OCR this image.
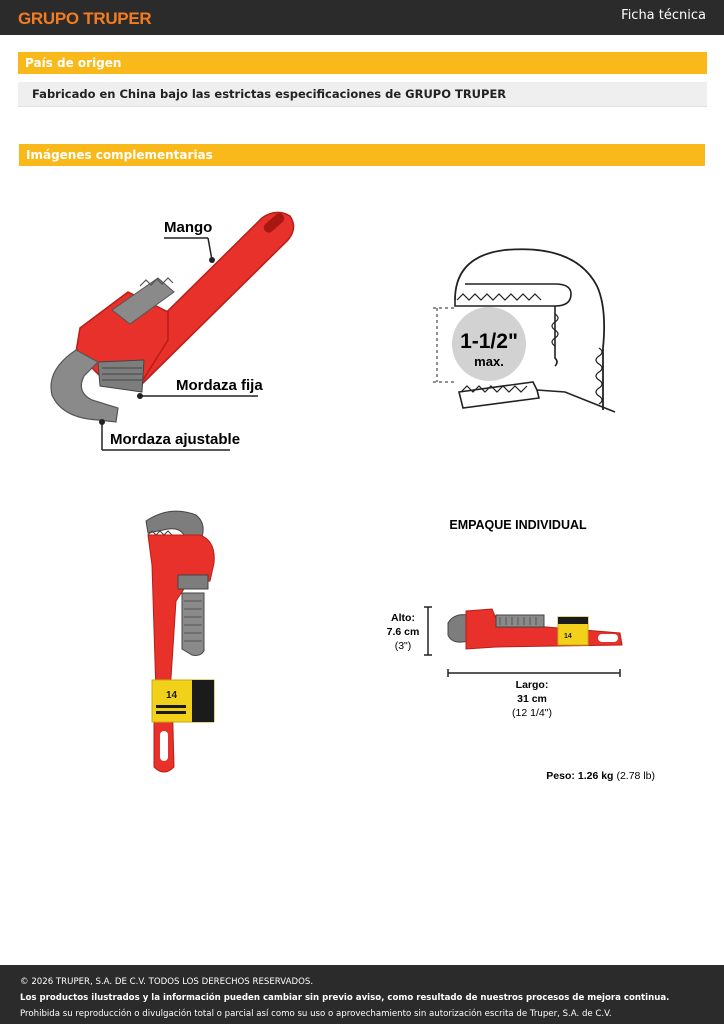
GRUPO TRUPER	Ficha técnica
País de origen
Fabricado en China bajo las estrictas especificaciones de GRUPO TRUPER
Imágenes complementarias
Mango
Mordaza fija
Mordaza ajustable
1-1/2"
max.
14
EMPAQUE INDIVIDUAL
Alto:
7.6 cm
(3")
14
Largo:
31 cm
(12 1/4")
Peso: 1.26 kg (2.78 lb)
© 2026 TRUPER, S.A. DE C.V. TODOS LOS DERECHOS RESERVADOS.
Los productos ilustrados y la información pueden cambiar sin previo aviso, como resultado de nuestros procesos de mejora continua.
Prohibida su reproducción o divulgación total o parcial así como su uso o aprovechamiento sin autorización escrita de Truper, S.A. de C.V.
